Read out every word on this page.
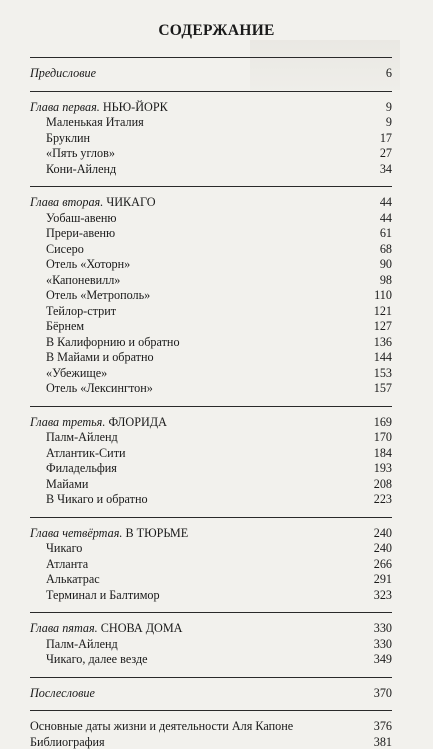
СОДЕРЖАНИЕ
Предисловие	6
Глава первая. НЬЮ-ЙОРК	9
Маленькая Италия	9
Бруклин	17
«Пять углов»	27
Кони-Айленд	34
Глава вторая. ЧИКАГО	44
Уобаш-авеню	44
Прери-авеню	61
Сисеро	68
Отель «Хоторн»	90
«Капоневилл»	98
Отель «Метрополь»	110
Тейлор-стрит	121
Бёрнем	127
В Калифорнию и обратно	136
В Майами и обратно	144
«Убежище»	153
Отель «Лексингтон»	157
Глава третья. ФЛОРИДА	169
Палм-Айленд	170
Атлантик-Сити	184
Филадельфия	193
Майами	208
В Чикаго и обратно	223
Глава четвёртая. В ТЮРЬМЕ	240
Чикаго	240
Атланта	266
Алькатрас	291
Терминал и Балтимор	323
Глава пятая. СНОВА ДОМА	330
Палм-Айленд	330
Чикаго, далее везде	349
Послесловие	370
Основные даты жизни и деятельности Аля Капоне	376
Библиография	381
